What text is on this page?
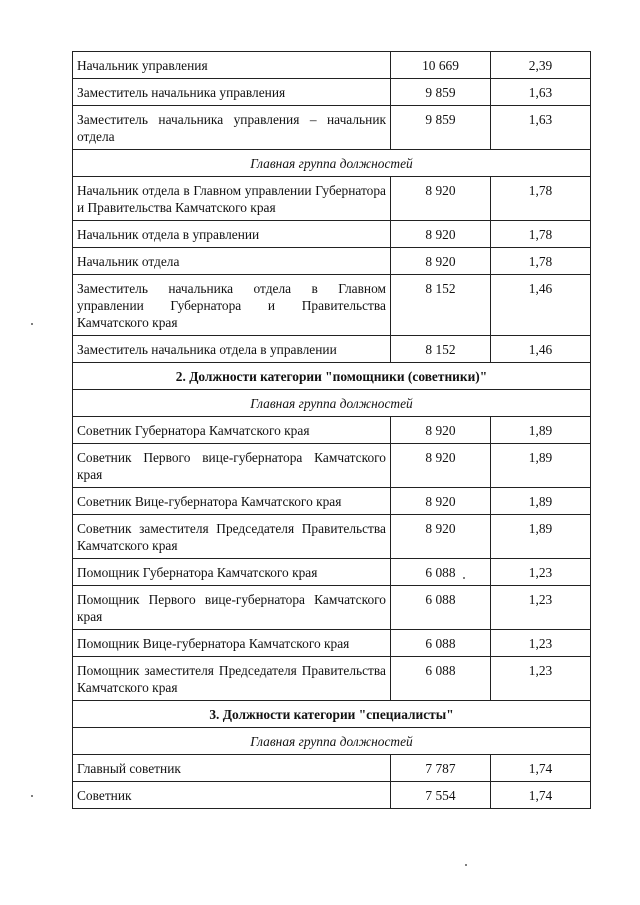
Начальник управления	10 669	2,39
Заместитель начальника управления	9 859	1,63
Заместитель начальника управления – начальник отдела	9 859	1,63
Главная группа должностей		
Начальник отдела в Главном управлении Губернатора и Правительства Камчатского края	8 920	1,78
Начальник отдела в управлении	8 920	1,78
Начальник отдела	8 920	1,78
Заместитель начальника отдела в Главном управлении Губернатора и Правительства Камчатского края	8 152	1,46
Заместитель начальника отдела в управлении	8 152	1,46
2. Должности категории "помощники (советники)"		
Главная группа должностей		
Советник Губернатора Камчатского края	8 920	1,89
Советник Первого вице-губернатора Камчатского края	8 920	1,89
Советник Вице-губернатора Камчатского края	8 920	1,89
Советник заместителя Председателя Правительства Камчатского края	8 920	1,89
Помощник Губернатора Камчатского края	6 088	1,23
Помощник Первого вице-губернатора Камчатского края	6 088	1,23
Помощник Вице-губернатора Камчатского края	6 088	1,23
Помощник заместителя Председателя Правительства Камчатского края	6 088	1,23
3. Должности категории "специалисты"		
Главная группа должностей		
Главный советник	7 787	1,74
Советник	7 554	1,74
